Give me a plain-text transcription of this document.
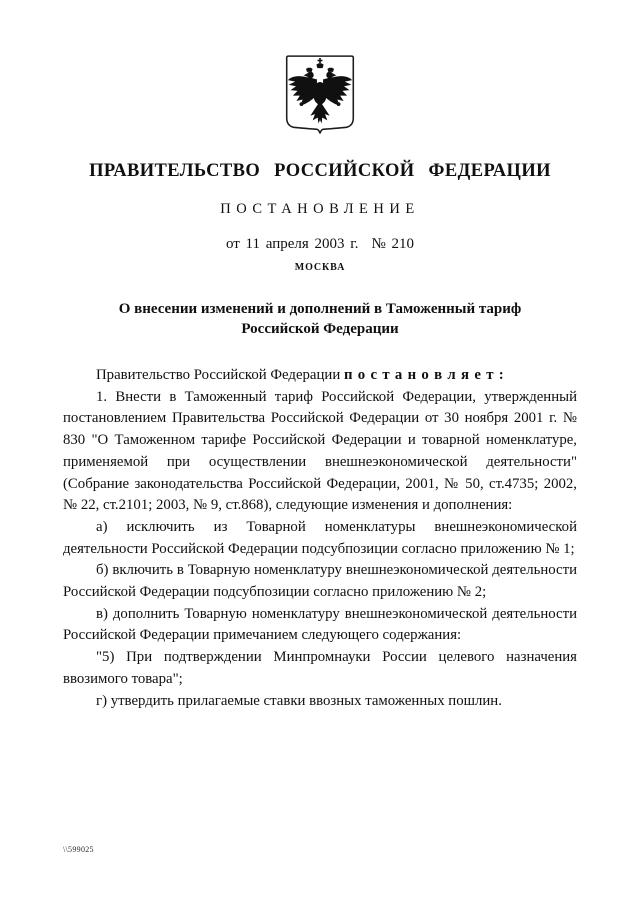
ПРАВИТЕЛЬСТВО РОССИЙСКОЙ ФЕДЕРАЦИИ
ПОСТАНОВЛЕНИЕ
от 11 апреля 2003 г. № 210
МОСКВА
О внесении изменений и дополнений в Таможенный тариф
Российской Федерации

Правительство Российской Федерации п о с т а н о в л я е т :

1. Внести в Таможенный тариф Российской Федерации, утвержденный постановлением Правительства Российской Федерации от 30 ноября 2001 г. № 830 "О Таможенном тарифе Российской Федерации и товарной номенклатуре, применяемой при осуществлении внешнеэкономической деятельности" (Собрание законодательства Российской Федерации, 2001, № 50, ст.4735; 2002, № 22, ст.2101; 2003, № 9, ст.868), следующие изменения и дополнения:

а) исключить из Товарной номенклатуры внешнеэкономической деятельности Российской Федерации подсубпозиции согласно приложению № 1;

б) включить в Товарную номенклатуру внешнеэкономической деятельности Российской Федерации подсубпозиции согласно приложению № 2;

в) дополнить Товарную номенклатуру внешнеэкономической деятельности Российской Федерации примечанием следующего содержания:

"5) При подтверждении Минпромнауки России целевого назначения ввозимого товара";

г) утвердить прилагаемые ставки ввозных таможенных пошлин.

\\599025
